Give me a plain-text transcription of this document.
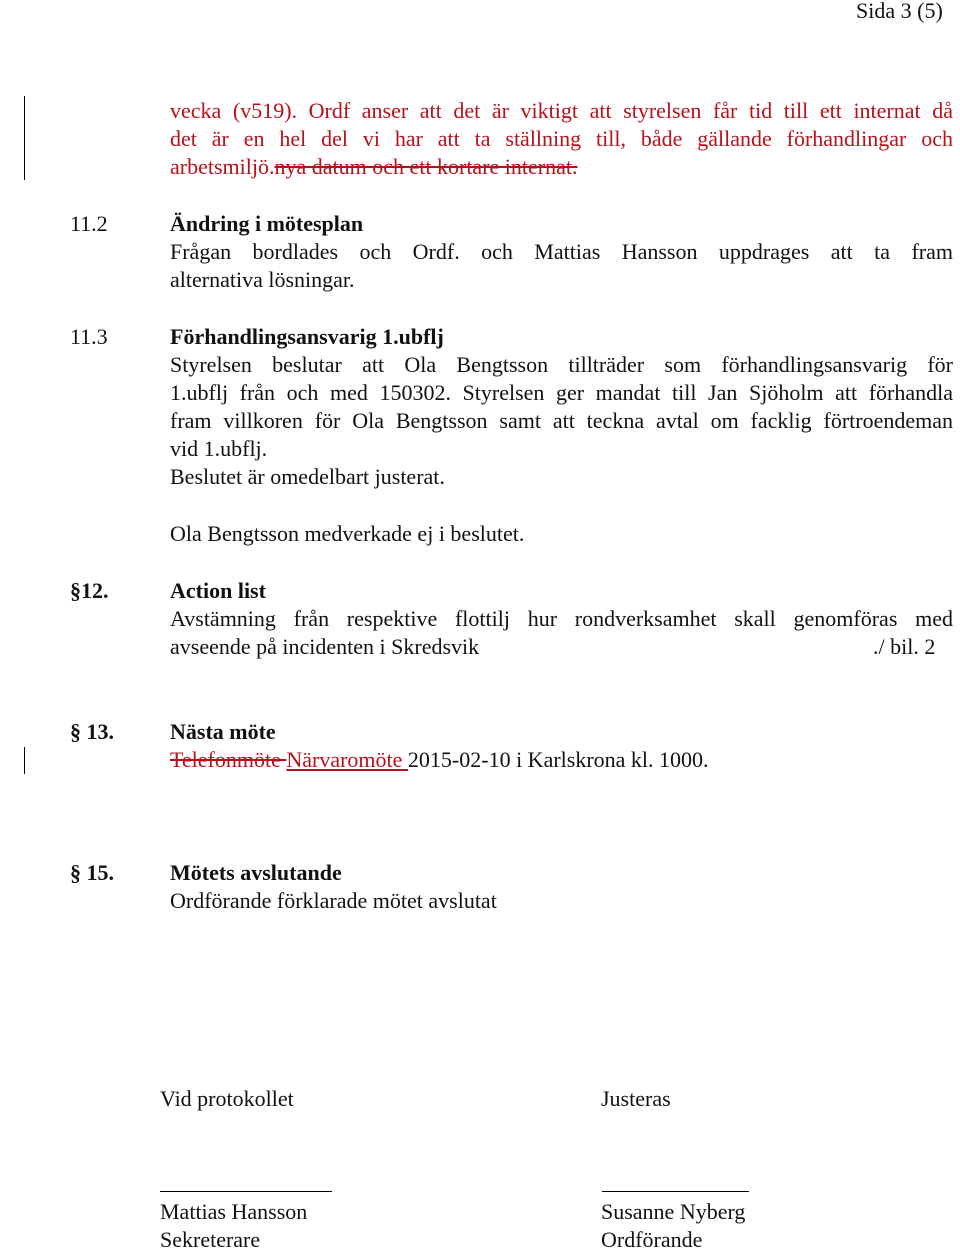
Sida 3 (5)
vecka (v519). Ordf anser att det är viktigt att styrelsen får tid till ett internat då
det är en hel del vi har att ta ställning till, både gällande förhandlingar och
arbetsmiljö.nya datum och ett kortare internat.
11.2	Ändring i mötesplan
Frågan bordlades och Ordf. och Mattias Hansson uppdrages att ta fram
alternativa lösningar.
11.3	Förhandlingsansvarig 1.ubflj
Styrelsen beslutar att Ola Bengtsson tillträder som förhandlingsansvarig för
1.ubflj från och med 150302. Styrelsen ger mandat till Jan Sjöholm att förhandla
fram villkoren för Ola Bengtsson samt att teckna avtal om facklig förtroendeman
vid 1.ubflj.
Beslutet är omedelbart justerat.
Ola Bengtsson medverkade ej i beslutet.
§12.	Action list
Avstämning från respektive flottilj hur rondverksamhet skall genomföras med
avseende på incidenten i Skredsvik	./ bil. 2
§ 13.	Nästa möte
Telefonmöte Närvaromöte 2015-02-10 i Karlskrona kl. 1000.
§ 15.	Mötets avslutande
Ordförande förklarade mötet avslutat
Vid protokollet	Justeras
Mattias Hansson	Susanne Nyberg
Sekreterare	Ordförande
